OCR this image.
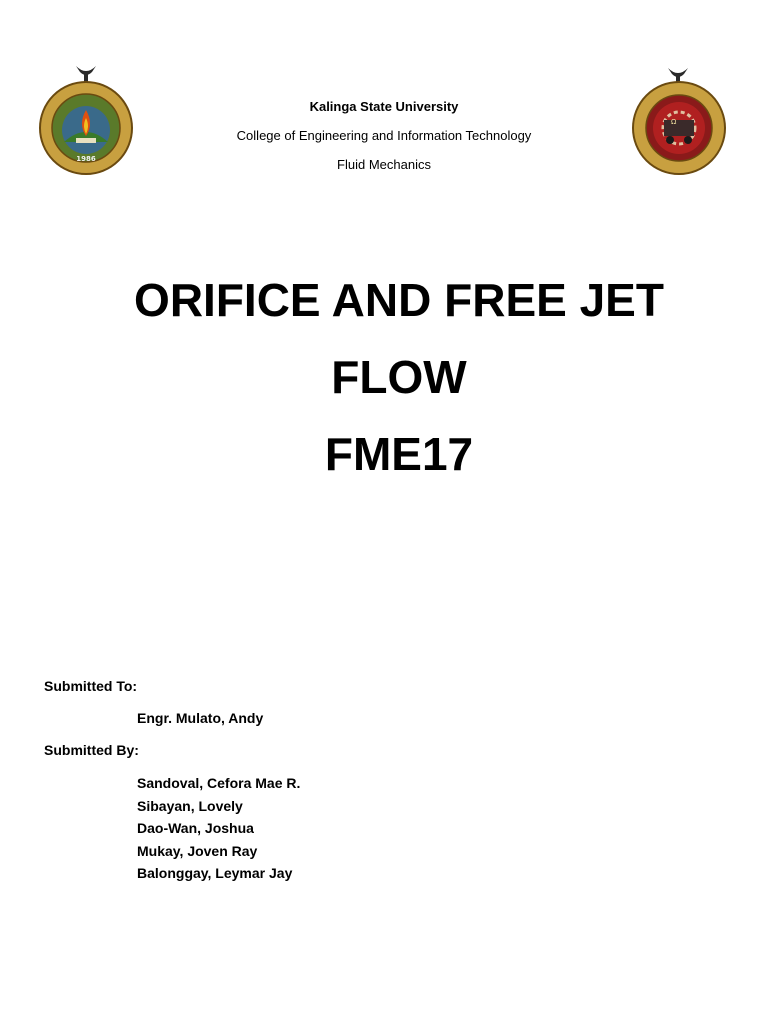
1986
Ω
Kalinga State University
College of Engineering and Information Technology
Fluid Mechanics
ORIFICE AND FREE JET
FLOW
FME17
Submitted To:
Engr. Mulato, Andy
Submitted By:
Sandoval, Cefora Mae R.
Sibayan, Lovely
Dao-Wan, Joshua
Mukay, Joven Ray
Balonggay, Leymar Jay
